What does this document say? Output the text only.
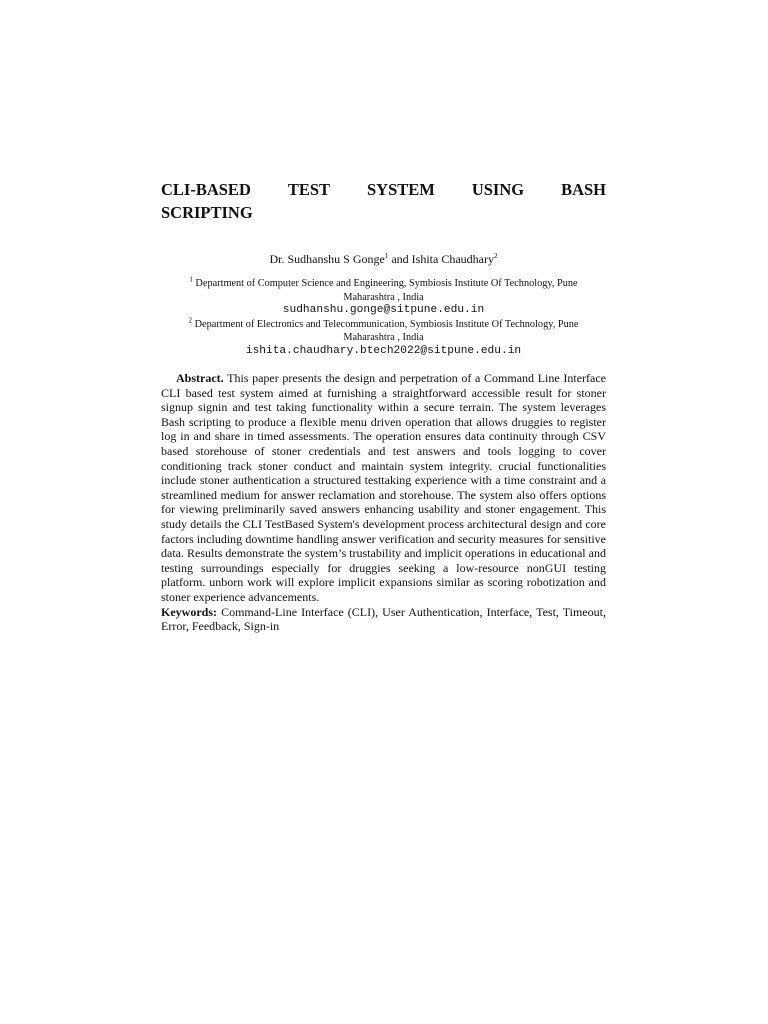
CLI-BASED TEST SYSTEM USING BASH
SCRIPTING
Dr. Sudhanshu S Gonge$^1$ and Ishita Chaudhary$^2$

$^1$ Department of Computer Science and Engineering, Symbiosis Institute Of Technology, Pune

Maharashtra , India

sudhanshu.gonge@sitpune.edu.in

$^2$ Department of Electronics and Telecommunication, Symbiosis Institute Of Technology, Pune

Maharashtra , India

ishita.chaudhary.btech2022@sitpune.edu.in

Abstract. This paper presents the design and perpetration of a Command Line Interface CLI based test system aimed at furnishing a straightforward accessible result for stoner signup signin and test taking functionality within a secure terrain. The system leverages Bash scripting to produce a flexible menu driven operation that allows druggies to register log in and share in timed assessments. The operation ensures data continuity through CSV based storehouse of stoner credentials and test answers and tools logging to cover conditioning track stoner conduct and maintain system integrity. crucial functionalities include stoner authentication a structured testtaking experience with a time constraint and a streamlined medium for answer reclamation and storehouse. The system also offers options for viewing preliminarily saved answers enhancing usability and stoner engagement. This study details the CLI TestBased System's development process architectural design and core factors including downtime handling answer verification and security measures for sensitive data. Results demonstrate the system’s trustability and implicit operations in educational and testing surroundings especially for druggies seeking a low-resource nonGUI testing platform. unborn work will explore implicit expansions similar as scoring robotization and stoner experience advancements.
Keywords: Command-Line Interface (CLI), User Authentication, Interface, Test, Timeout, Error, Feedback, Sign-in
